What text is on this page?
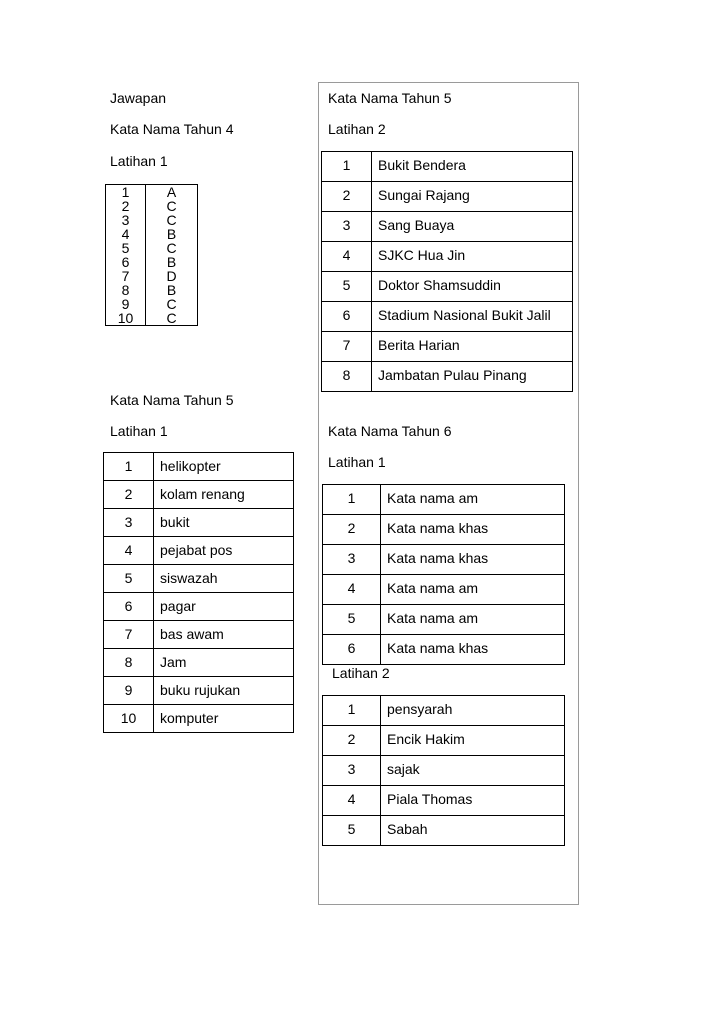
Jawapan
Kata Nama Tahun 4
Latihan 1
1	A
2	C
3	C
4	B
5	C
6	B
7	D
8	B
9	C
10	C
Kata Nama Tahun 5
Latihan 1
1	helikopter
2	kolam renang
3	bukit
4	pejabat pos
5	siswazah
6	pagar
7	bas awam
8	Jam
9	buku rujukan
10	komputer
Kata Nama Tahun 5
Latihan 2
1	Bukit Bendera
2	Sungai Rajang
3	Sang Buaya
4	SJKC Hua Jin
5	Doktor Shamsuddin
6	Stadium Nasional Bukit Jalil
7	Berita Harian
8	Jambatan Pulau Pinang
Kata Nama Tahun 6
Latihan 1
1	Kata nama am
2	Kata nama khas
3	Kata nama khas
4	Kata nama am
5	Kata nama am
6	Kata nama khas
Latihan 2
1	pensyarah
2	Encik Hakim
3	sajak
4	Piala Thomas
5	Sabah
